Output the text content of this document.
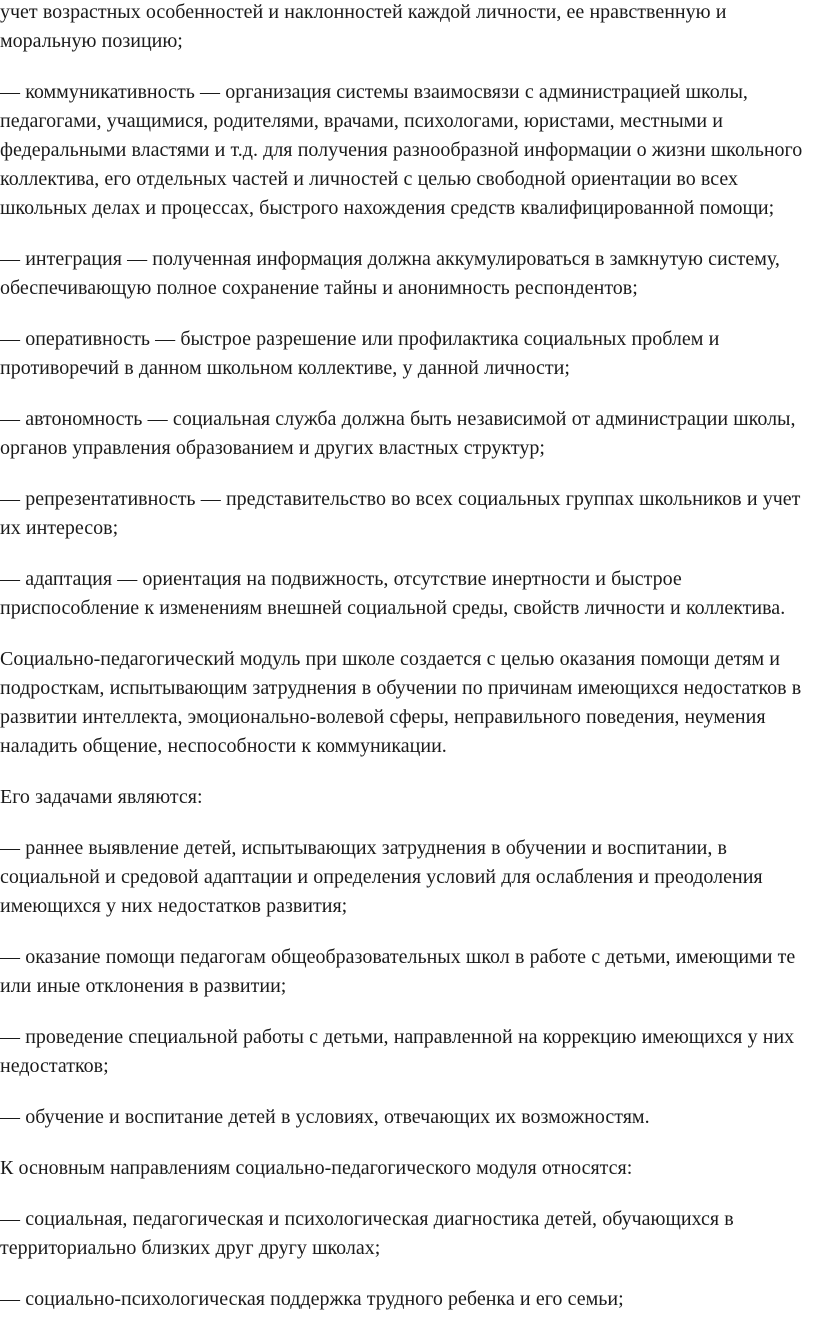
учет возрастных особенностей и наклонностей каждой личности, ее нравственную и моральную позицию;

— коммуникативность — организация системы взаимосвязи с администрацией школы, педагогами, учащимися, родителями, врачами, психологами, юристами, местными и федеральными властями и т.д. для получения разнообразной информации о жизни школьного коллектива, его отдельных частей и личностей с целью свободной ориентации во всех школьных делах и процессах, быстрого нахождения средств квалифицированной помощи;

— интеграция — полученная информация должна аккумулироваться в замкнутую систему, обеспечивающую полное сохранение тайны и анонимность респондентов;

— оперативность — быстрое разрешение или профилактика социальных проблем и противоречий в данном школьном коллективе, у данной личности;

— автономность — социальная служба должна быть независимой от администрации школы, органов управления образованием и других властных структур;

— репрезентативность — представительство во всех социальных группах школьников и учет их интересов;

— адаптация — ориентация на подвижность, отсутствие инертности и быстрое приспособление к изменениям внешней социальной среды, свойств личности и коллектива.

Социально-педагогический модуль при школе создается с целью оказания помощи детям и подросткам, испытывающим затруднения в обучении по причинам имеющихся недостатков в развитии интеллекта, эмоционально-волевой сферы, неправильного поведения, неумения наладить общение, неспособности к коммуникации.

Его задачами являются:

— раннее выявление детей, испытывающих затруднения в обучении и воспитании, в социальной и средовой адаптации и определения условий для ослабления и преодоления имеющихся у них недостатков развития;

— оказание помощи педагогам общеобразовательных школ в работе с детьми, имеющими те или иные отклонения в развитии;

— проведение специальной работы с детьми, направленной на коррекцию имеющихся у них недостатков;

— обучение и воспитание детей в условиях, отвечающих их возможностям.

К основным направлениям социально-педагогического модуля относятся:

— социальная, педагогическая и психологическая диагностика детей, обучающихся в территориально близких друг другу школах;

— социально-психологическая поддержка трудного ребенка и его семьи;
